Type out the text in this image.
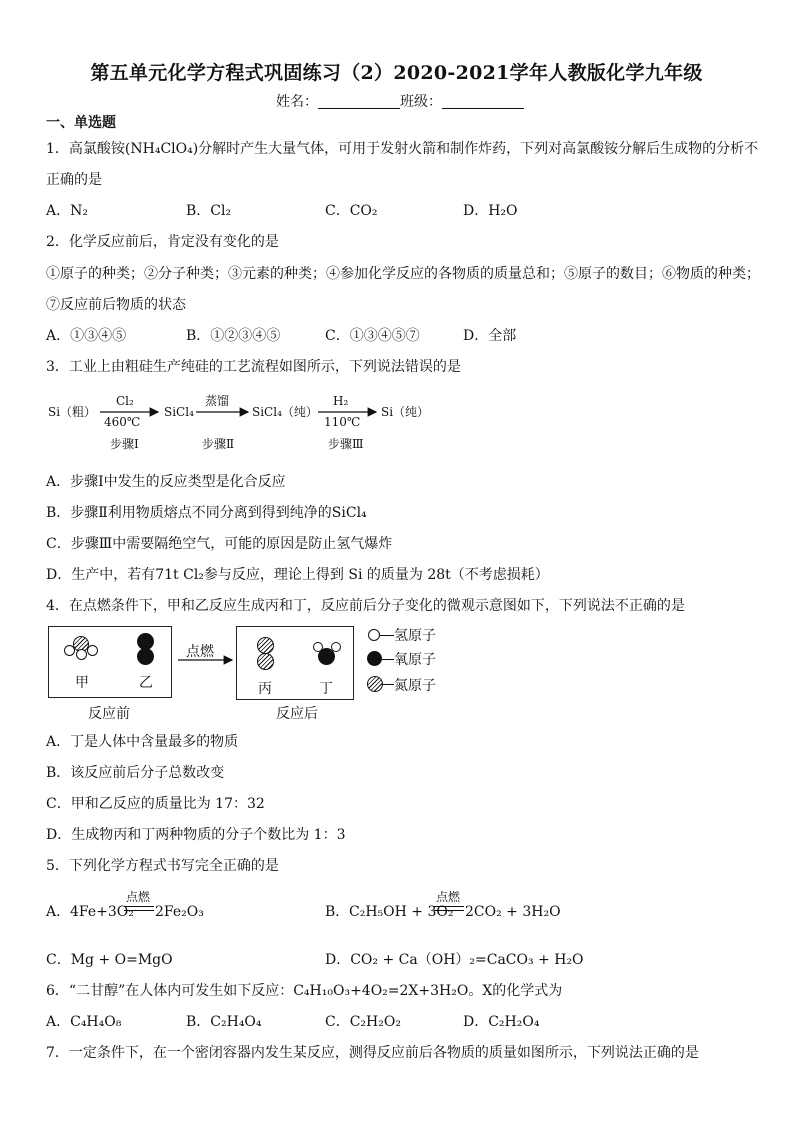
第五单元化学方程式巩固练习（2）2020-2021学年人教版化学九年级
姓名：	班级：
一、单选题
1．高氯酸铵(NH₄ClO₄)分解时产生大量气体，可用于发射火箭和制作炸药，下列对高氯酸铵分解后生成物的分析不
正确的是
A．N₂	B．Cl₂	C．CO₂	D．H₂O
2．化学反应前后，肯定没有变化的是
①原子的种类；②分子种类；③元素的种类；④参加化学反应的各物质的质量总和；⑤原子的数目；⑥物质的种类；
⑦反应前后物质的状态
A．①③④⑤	B．①②③④⑤	C．①③④⑤⑦	D．全部
3．工业上由粗硅生产纯硅的工艺流程如图所示，下列说法错误的是
Si（粗）
Cl₂
460℃
SiCl₄
蒸馏
SiCl₄（纯）
H₂
110℃
Si（纯）
步骤Ⅰ	步骤Ⅱ	步骤Ⅲ
A．步骤Ⅰ中发生的反应类型是化合反应
B．步骤Ⅱ利用物质熔点不同分离到得到纯净的SiCl₄
C．步骤Ⅲ中需要隔绝空气，可能的原因是防止氢气爆炸
D．生产中，若有71t Cl₂参与反应，理论上得到 Si 的质量为 28t（不考虑损耗）
4．在点燃条件下，甲和乙反应生成丙和丁，反应前后分子变化的微观示意图如下，下列说法不正确的是
甲	乙
点燃
丙	丁
氢原子
氧原子
氮原子
反应前	反应后
A．丁是人体中含量最多的物质
B．该反应前后分子总数改变
C．甲和乙反应的质量比为 17：32
D．生成物丙和丁两种物质的分子个数比为 1：3
5．下列化学方程式书写完全正确的是
A． 4Fe+3O₂
点燃
2Fe₂O₃	B． C₂H₅OH + 3O₂
点燃
2CO₂ + 3H₂O
C．Mg + O=MgO	D．CO₂ + Ca（OH）₂=CaCO₃ + H₂O
6．“二甘醇”在人体内可发生如下反应：C₄H₁₀O₃+4O₂=2X+3H₂O。X的化学式为
A．C₄H₄O₈	B．C₂H₄O₄	C．C₂H₂O₂	D．C₂H₂O₄
7．一定条件下，在一个密闭容器内发生某反应，测得反应前后各物质的质量如图所示，下列说法正确的是
